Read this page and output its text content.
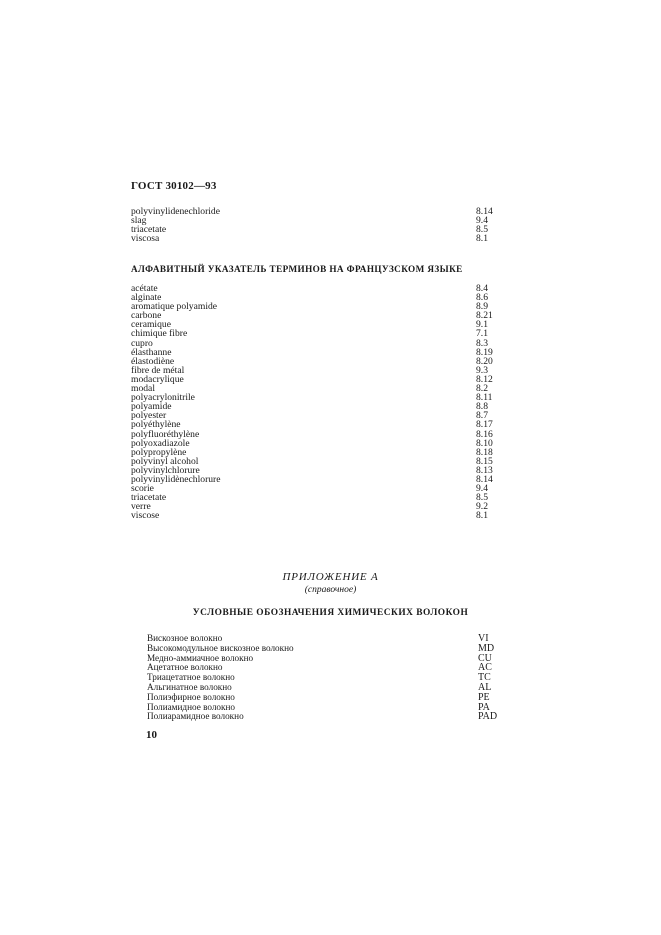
ГОСТ 30102—93
polyvinylidenechloride	8.14
slag	9.4
triacetate	8.5
viscosa	8.1
АЛФАВИТНЫЙ УКАЗАТЕЛЬ ТЕРМИНОВ НА ФРАНЦУЗСКОМ ЯЗЫКЕ
acétate	8.4
alginate	8.6
aromatique polyamide	8.9
carbone	8.21
ceramique	9.1
chimique fibre	7.1
cupro	8.3
élasthanne	8.19
élastodiène	8.20
fibre de métal	9.3
modacrylique	8.12
modal	8.2
polyacrylonitrile	8.11
polyamide	8.8
polyester	8.7
polyéthylène	8.17
polyfluoréthylène	8.16
polyoxadiazole	8.10
polypropylène	8.18
polyvinyl alcohol	8.15
polyvinylchlorure	8.13
polyvinylidènechlorure	8.14
scorie	9.4
triacetate	8.5
verre	9.2
viscose	8.1
ПРИЛОЖЕНИЕ А
(справочное)
УСЛОВНЫЕ ОБОЗНАЧЕНИЯ ХИМИЧЕСКИХ ВОЛОКОН
Вискозное волокно	VI
Высокомодульное вискозное волокно	MD
Медно-аммиачное волокно	CU
Ацетатное волокно	AC
Триацетатное волокно	TC
Альгинатное волокно	AL
Полиэфирное волокно	PE
Полиамидное волокно	PA
Полиарамидное волокно	PAD
10
